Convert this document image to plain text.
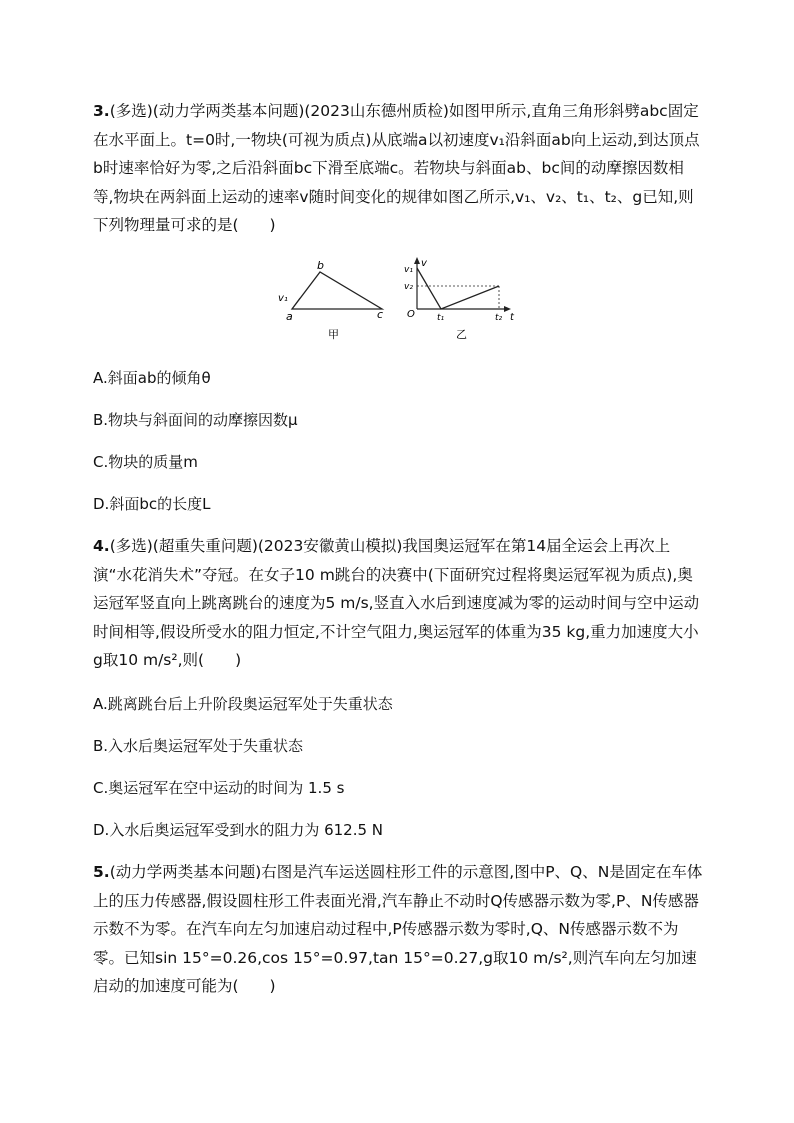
3.(多选)(动力学两类基本问题)(2023山东德州质检)如图甲所示,直角三角形斜劈abc固定在水平面上。t=0时,一物块(可视为质点)从底端a以初速度v₁沿斜面ab向上运动,到达顶点b时速率恰好为零,之后沿斜面bc下滑至底端c。若物块与斜面ab、bc间的动摩擦因数相等,物块在两斜面上运动的速率v随时间变化的规律如图乙所示,v₁、v₂、t₁、t₂、g已知,则下列物理量可求的是(　　)
b
a	c
v₁
甲
v
v₁
v₂
O t₁	t₂ t
乙
A.斜面ab的倾角θ
B.物块与斜面间的动摩擦因数μ
C.物块的质量m
D.斜面bc的长度L
4.(多选)(超重失重问题)(2023安徽黄山模拟)我国奥运冠军在第14届全运会上再次上演“水花消失术”夺冠。在女子10 m跳台的决赛中(下面研究过程将奥运冠军视为质点),奥运冠军竖直向上跳离跳台的速度为5 m/s,竖直入水后到速度减为零的运动时间与空中运动时间相等,假设所受水的阻力恒定,不计空气阻力,奥运冠军的体重为35 kg,重力加速度大小g取10 m/s²,则(　　)
A.跳离跳台后上升阶段奥运冠军处于失重状态
B.入水后奥运冠军处于失重状态
C.奥运冠军在空中运动的时间为 1.5 s
D.入水后奥运冠军受到水的阻力为 612.5 N
5.(动力学两类基本问题)右图是汽车运送圆柱形工件的示意图,图中P、Q、N是固定在车体上的压力传感器,假设圆柱形工件表面光滑,汽车静止不动时Q传感器示数为零,P、N传感器示数不为零。在汽车向左匀加速启动过程中,P传感器示数为零时,Q、N传感器示数不为零。已知sin 15°=0.26,cos 15°=0.97,tan 15°=0.27,g取10 m/s²,则汽车向左匀加速启动的加速度可能为(　　)
